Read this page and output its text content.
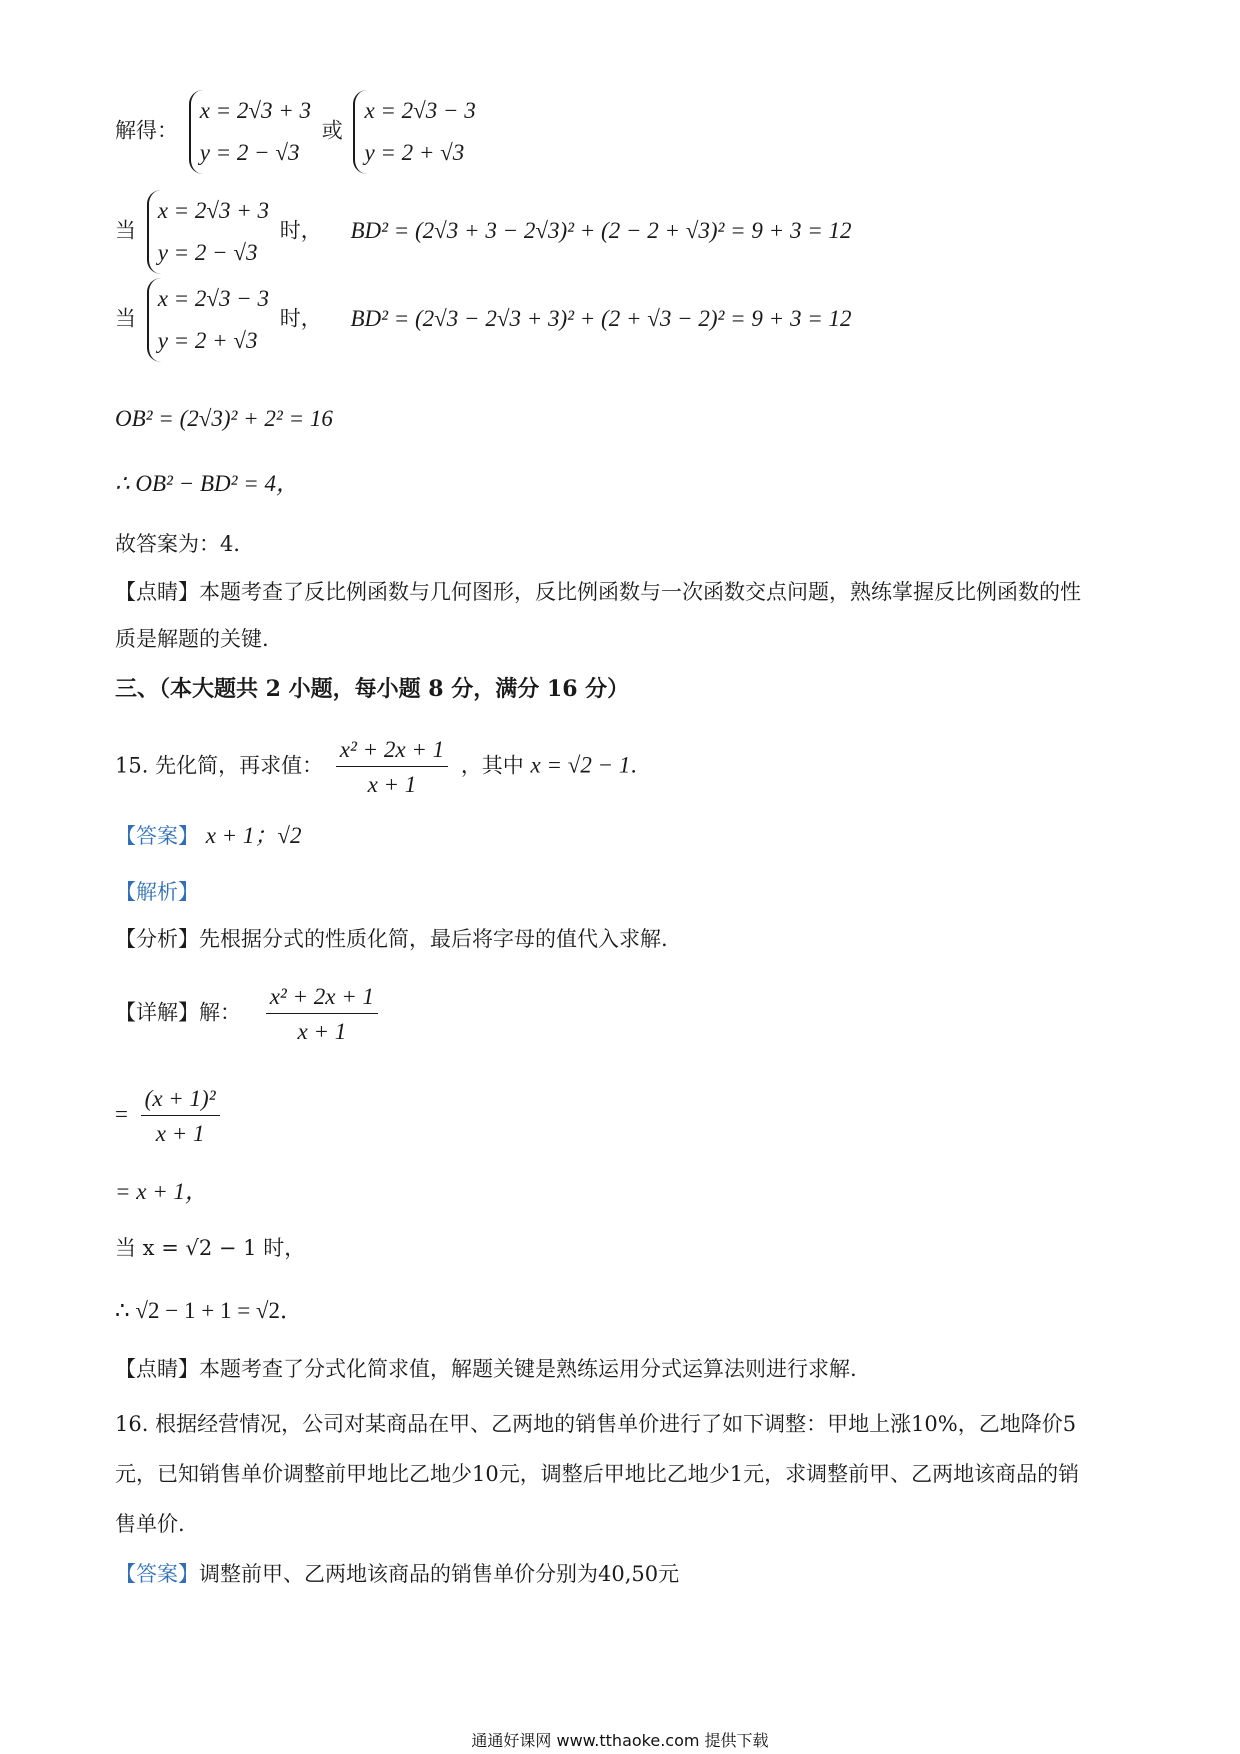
解得：
x = 2√3 + 3
y = 2 − √3
或
x = 2√3 − 3
y = 2 + √3
当
x = 2√3 + 3
y = 2 − √3
时， BD² = (2√3 + 3 − 2√3)² + (2 − 2 + √3)² = 9 + 3 = 12
当
x = 2√3 − 3
y = 2 + √3
时， BD² = (2√3 − 2√3 + 3)² + (2 + √3 − 2)² = 9 + 3 = 12
OB² = (2√3)² + 2² = 16
∴ OB² − BD² = 4，
故答案为：4．
【点睛】本题考查了反比例函数与几何图形，反比例函数与一次函数交点问题，熟练掌握反比例函数的性
质是解题的关键.
三、（本大题共 2 小题，每小题 8 分，满分 16 分）
15. 先化简，再求值： $\frac{\text{x² + 2x + 1}}{x + 1}$ ，其中 x = √2 − 1．
【答案】 x + 1；√2
【解析】
【分析】先根据分式的性质化简，最后将字母的值代入求解.
【详解】解： $\frac{\text{x² + 2x + 1}}{x + 1}$
= $\frac{\text{(x + 1)²}}{x + 1}$
= x + 1，
当 x = √2 − 1 时，
∴ √2 − 1 + 1 = √2．
【点睛】本题考查了分式化简求值，解题关键是熟练运用分式运算法则进行求解.
16. 根据经营情况，公司对某商品在甲、乙两地的销售单价进行了如下调整：甲地上涨10%，乙地降价5
元，已知销售单价调整前甲地比乙地少10元，调整后甲地比乙地少1元，求调整前甲、乙两地该商品的销
售单价.
【答案】调整前甲、乙两地该商品的销售单价分别为40,50元
通通好课网 www.tthaoke.com 提供下载
